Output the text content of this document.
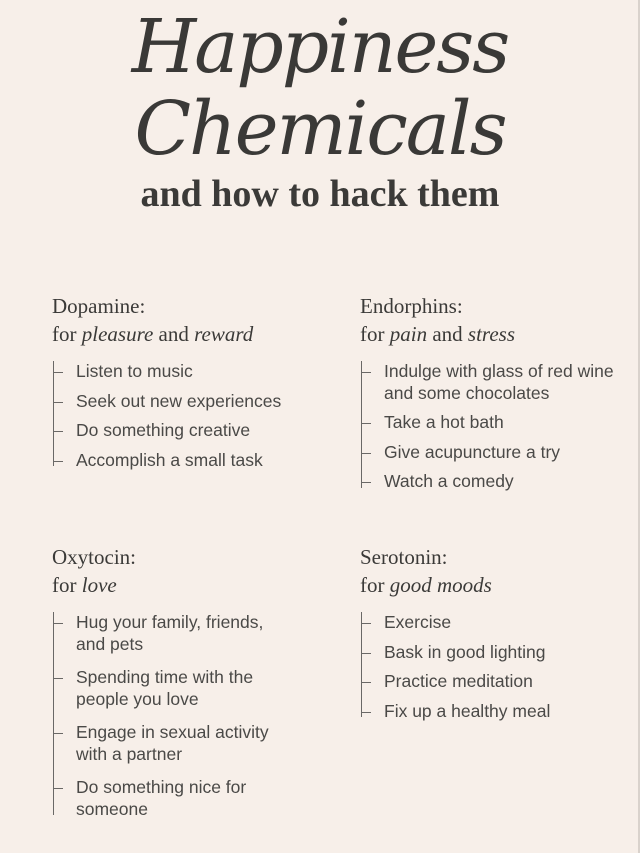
Happiness
Chemicals
and how to hack them

Dopamine:

for pleasure and reward

Listen to music
Seek out new experiences
Do something creative
Accomplish a small task

Endorphins:

for pain and stress

Indulge with glass of red wine and some chocolates
Take a hot bath
Give acupuncture a try
Watch a comedy

Oxytocin:

for love

Hug your family, friends, and pets
Spending time with the people you love
Engage in sexual activity with a partner
Do something nice for someone

Serotonin:

for good moods

Exercise
Bask in good lighting
Practice meditation
Fix up a healthy meal
